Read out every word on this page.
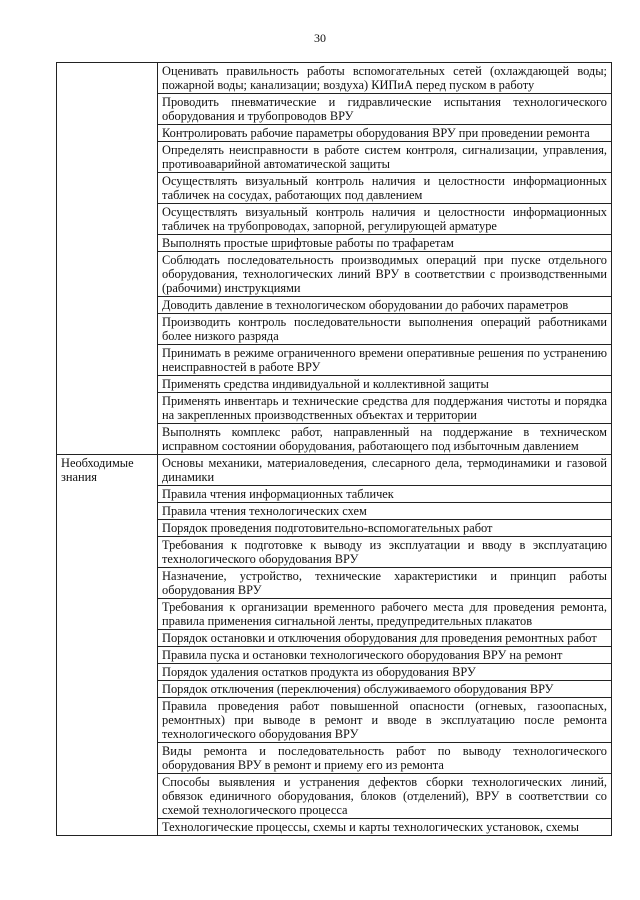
30
	Оценивать правильность работы вспомогательных сетей (охлаждающей воды; пожарной воды; канализации; воздуха) КИПиА перед пуском в работу
	Проводить пневматические и гидравлические испытания технологического оборудования и трубопроводов ВРУ
	Контролировать рабочие параметры оборудования ВРУ при проведении ремонта
	Определять неисправности в работе систем контроля, сигнализации, управления, противоаварийной автоматической защиты
	Осуществлять визуальный контроль наличия и целостности информационных табличек на сосудах, работающих под давлением
	Осуществлять визуальный контроль наличия и целостности информационных табличек на трубопроводах, запорной, регулирующей арматуре
	Выполнять простые шрифтовые работы по трафаретам
	Соблюдать последовательность производимых операций при пуске отдельного оборудования, технологических линий ВРУ в соответствии с производственными (рабочими) инструкциями
	Доводить давление в технологическом оборудовании до рабочих параметров
	Производить контроль последовательности выполнения операций работниками более низкого разряда
	Принимать в режиме ограниченного времени оперативные решения по устранению неисправностей в работе ВРУ
	Применять средства индивидуальной и коллективной защиты
	Применять инвентарь и технические средства для поддержания чистоты и порядка на закрепленных производственных объектах и территории
	Выполнять комплекс работ, направленный на поддержание в техническом исправном состоянии оборудования, работающего под избыточным давлением
Необходимые знания	Основы механики, материаловедения, слесарного дела, термодинамики и газовой динамики
	Правила чтения информационных табличек
	Правила чтения технологических схем
	Порядок проведения подготовительно-вспомогательных работ
	Требования к подготовке к выводу из эксплуатации и вводу в эксплуатацию технологического оборудования ВРУ
	Назначение, устройство, технические характеристики и принцип работы оборудования ВРУ
	Требования к организации временного рабочего места для проведения ремонта, правила применения сигнальной ленты, предупредительных плакатов
	Порядок остановки и отключения оборудования для проведения ремонтных работ
	Правила пуска и остановки технологического оборудования ВРУ на ремонт
	Порядок удаления остатков продукта из оборудования ВРУ
	Порядок отключения (переключения) обслуживаемого оборудования ВРУ
	Правила проведения работ повышенной опасности (огневых, газоопасных, ремонтных) при выводе в ремонт и вводе в эксплуатацию после ремонта технологического оборудования ВРУ
	Виды ремонта и последовательность работ по выводу технологического оборудования ВРУ в ремонт и приему его из ремонта
	Способы выявления и устранения дефектов сборки технологических линий, обвязок единичного оборудования, блоков (отделений), ВРУ в соответствии со схемой технологического процесса
	Технологические процессы, схемы и карты технологических установок, схемы
